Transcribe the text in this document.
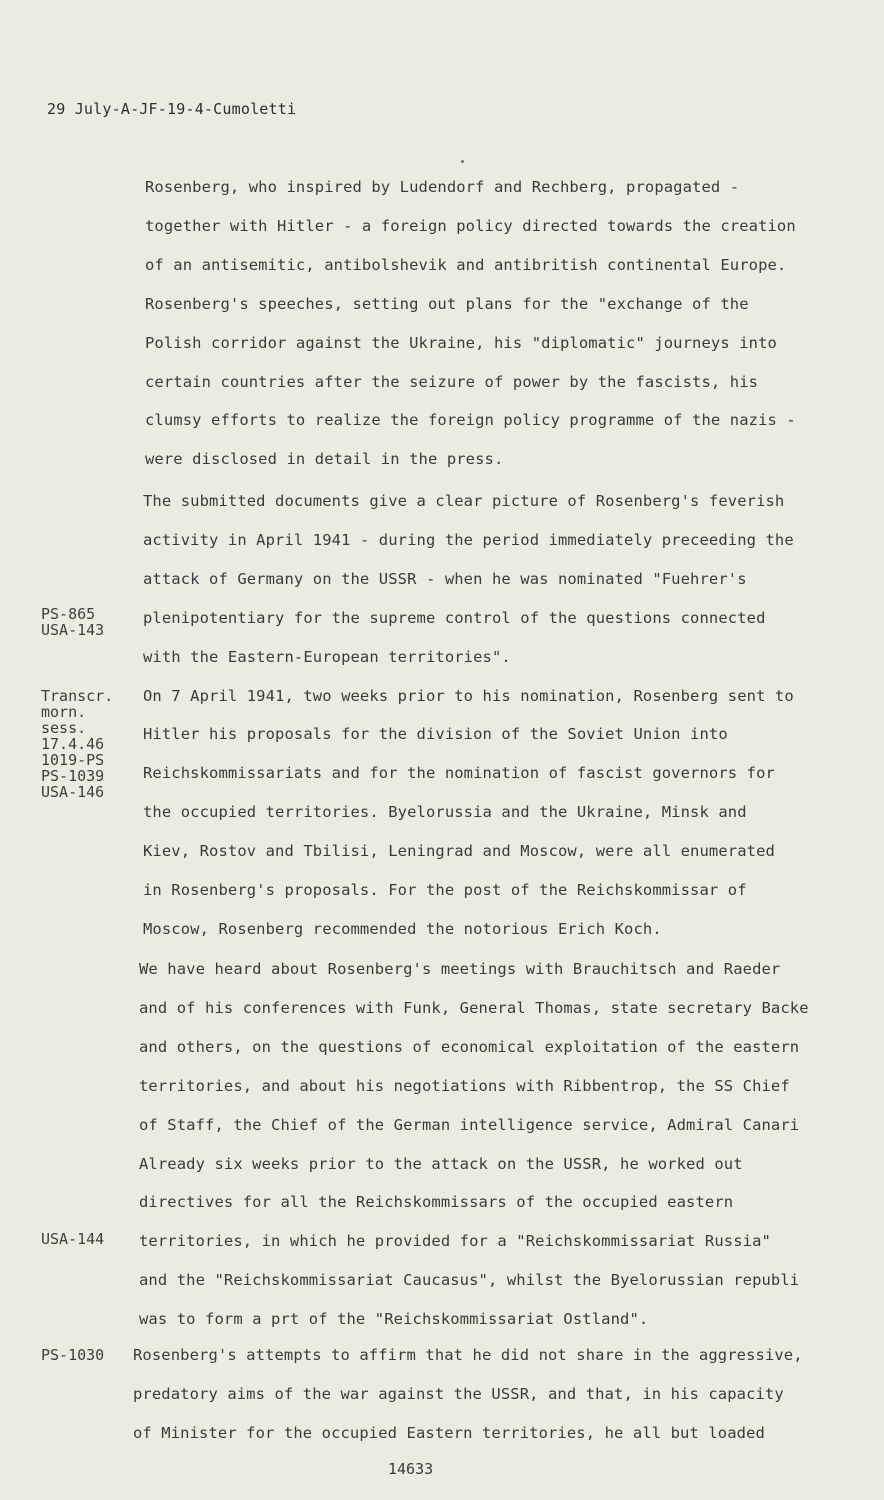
29 July-A-JF-19-4-Cumoletti
Rosenberg, who inspired by Ludendorf and Rechberg, propagated -
together with Hitler - a foreign policy directed towards the creation
of an antisemitic, antibolshevik and antibritish continental Europe.
Rosenberg's speeches, setting out plans for the "exchange of the
Polish corridor against the Ukraine, his "diplomatic" journeys into
certain countries after the seizure of power by the fascists, his
clumsy efforts to realize the foreign policy programme of the nazis -
were disclosed in detail in the press.
The submitted documents give a clear picture of Rosenberg's feverish
activity in April 1941 - during the period immediately preceeding the
attack of Germany on the USSR - when he was nominated "Fuehrer's
plenipotentiary for the supreme control of the questions connected
with the Eastern-European territories".
On 7 April 1941, two weeks prior to his nomination, Rosenberg sent to
Hitler his proposals for the division of the Soviet Union into
Reichskommissariats and for the nomination of fascist governors for
the occupied territories. Byelorussia and the Ukraine, Minsk and
Kiev, Rostov and Tbilisi, Leningrad and Moscow, were all enumerated
in Rosenberg's proposals. For the post of the Reichskommissar of
Moscow, Rosenberg recommended the notorious Erich Koch.
We have heard about Rosenberg's meetings with Brauchitsch and Raeder
and of his conferences with Funk, General Thomas, state secretary Backe
and others, on the questions of economical exploitation of the eastern
territories, and about his negotiations with Ribbentrop, the SS Chief
of Staff, the Chief of the German intelligence service, Admiral Canari
Already six weeks prior to the attack on the USSR, he worked out
directives for all the Reichskommissars of the occupied eastern
territories, in which he provided for a "Reichskommissariat Russia"
and the "Reichskommissariat Caucasus", whilst the Byelorussian republi
was to form a prt of the "Reichskommissariat Ostland".
Rosenberg's attempts to affirm that he did not share in the aggressive,
predatory aims of the war against the USSR, and that, in his capacity
of Minister for the occupied Eastern territories, he all but loaded
PS-865
USA-143
Transcr.
morn.
sess.
17.4.46
1019-PS
PS-1039
USA-146
USA-144
PS-1030
14633
